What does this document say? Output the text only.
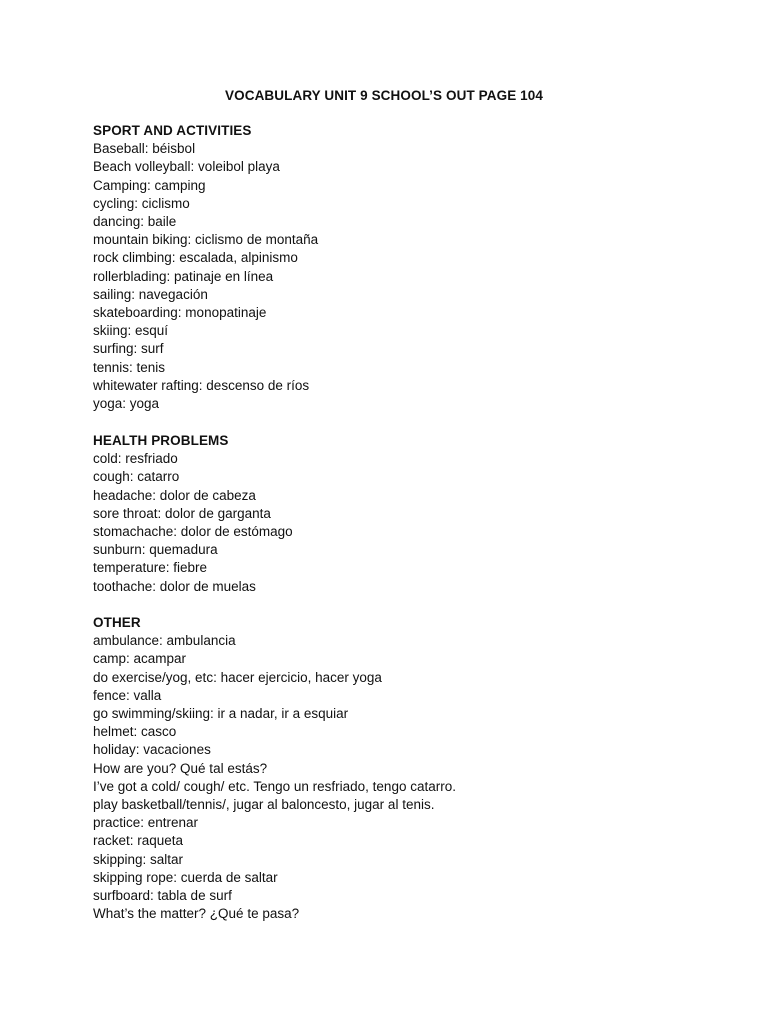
VOCABULARY UNIT 9 SCHOOL’S OUT PAGE 104
SPORT AND ACTIVITIES
Baseball: béisbol
Beach volleyball: voleibol playa
Camping: camping
cycling: ciclismo
dancing: baile
mountain biking: ciclismo de montaña
rock climbing: escalada, alpinismo
rollerblading: patinaje en línea
sailing: navegación
skateboarding: monopatinaje
skiing: esquí
surfing: surf
tennis: tenis
whitewater rafting: descenso de ríos
yoga: yoga
HEALTH PROBLEMS
cold: resfriado
cough: catarro
headache: dolor de cabeza
sore throat: dolor de garganta
stomachache: dolor de estómago
sunburn: quemadura
temperature: fiebre
toothache: dolor de muelas
OTHER
ambulance: ambulancia
camp: acampar
do exercise/yog, etc: hacer ejercicio, hacer yoga
fence: valla
go swimming/skiing: ir a nadar, ir a esquiar
helmet: casco
holiday: vacaciones
How are you? Qué tal estás?
I’ve got a cold/ cough/ etc. Tengo un resfriado, tengo catarro.
play basketball/tennis/, jugar al baloncesto, jugar al tenis.
practice: entrenar
racket: raqueta
skipping: saltar
skipping rope: cuerda de saltar
surfboard: tabla de surf
What’s the matter? ¿Qué te pasa?
